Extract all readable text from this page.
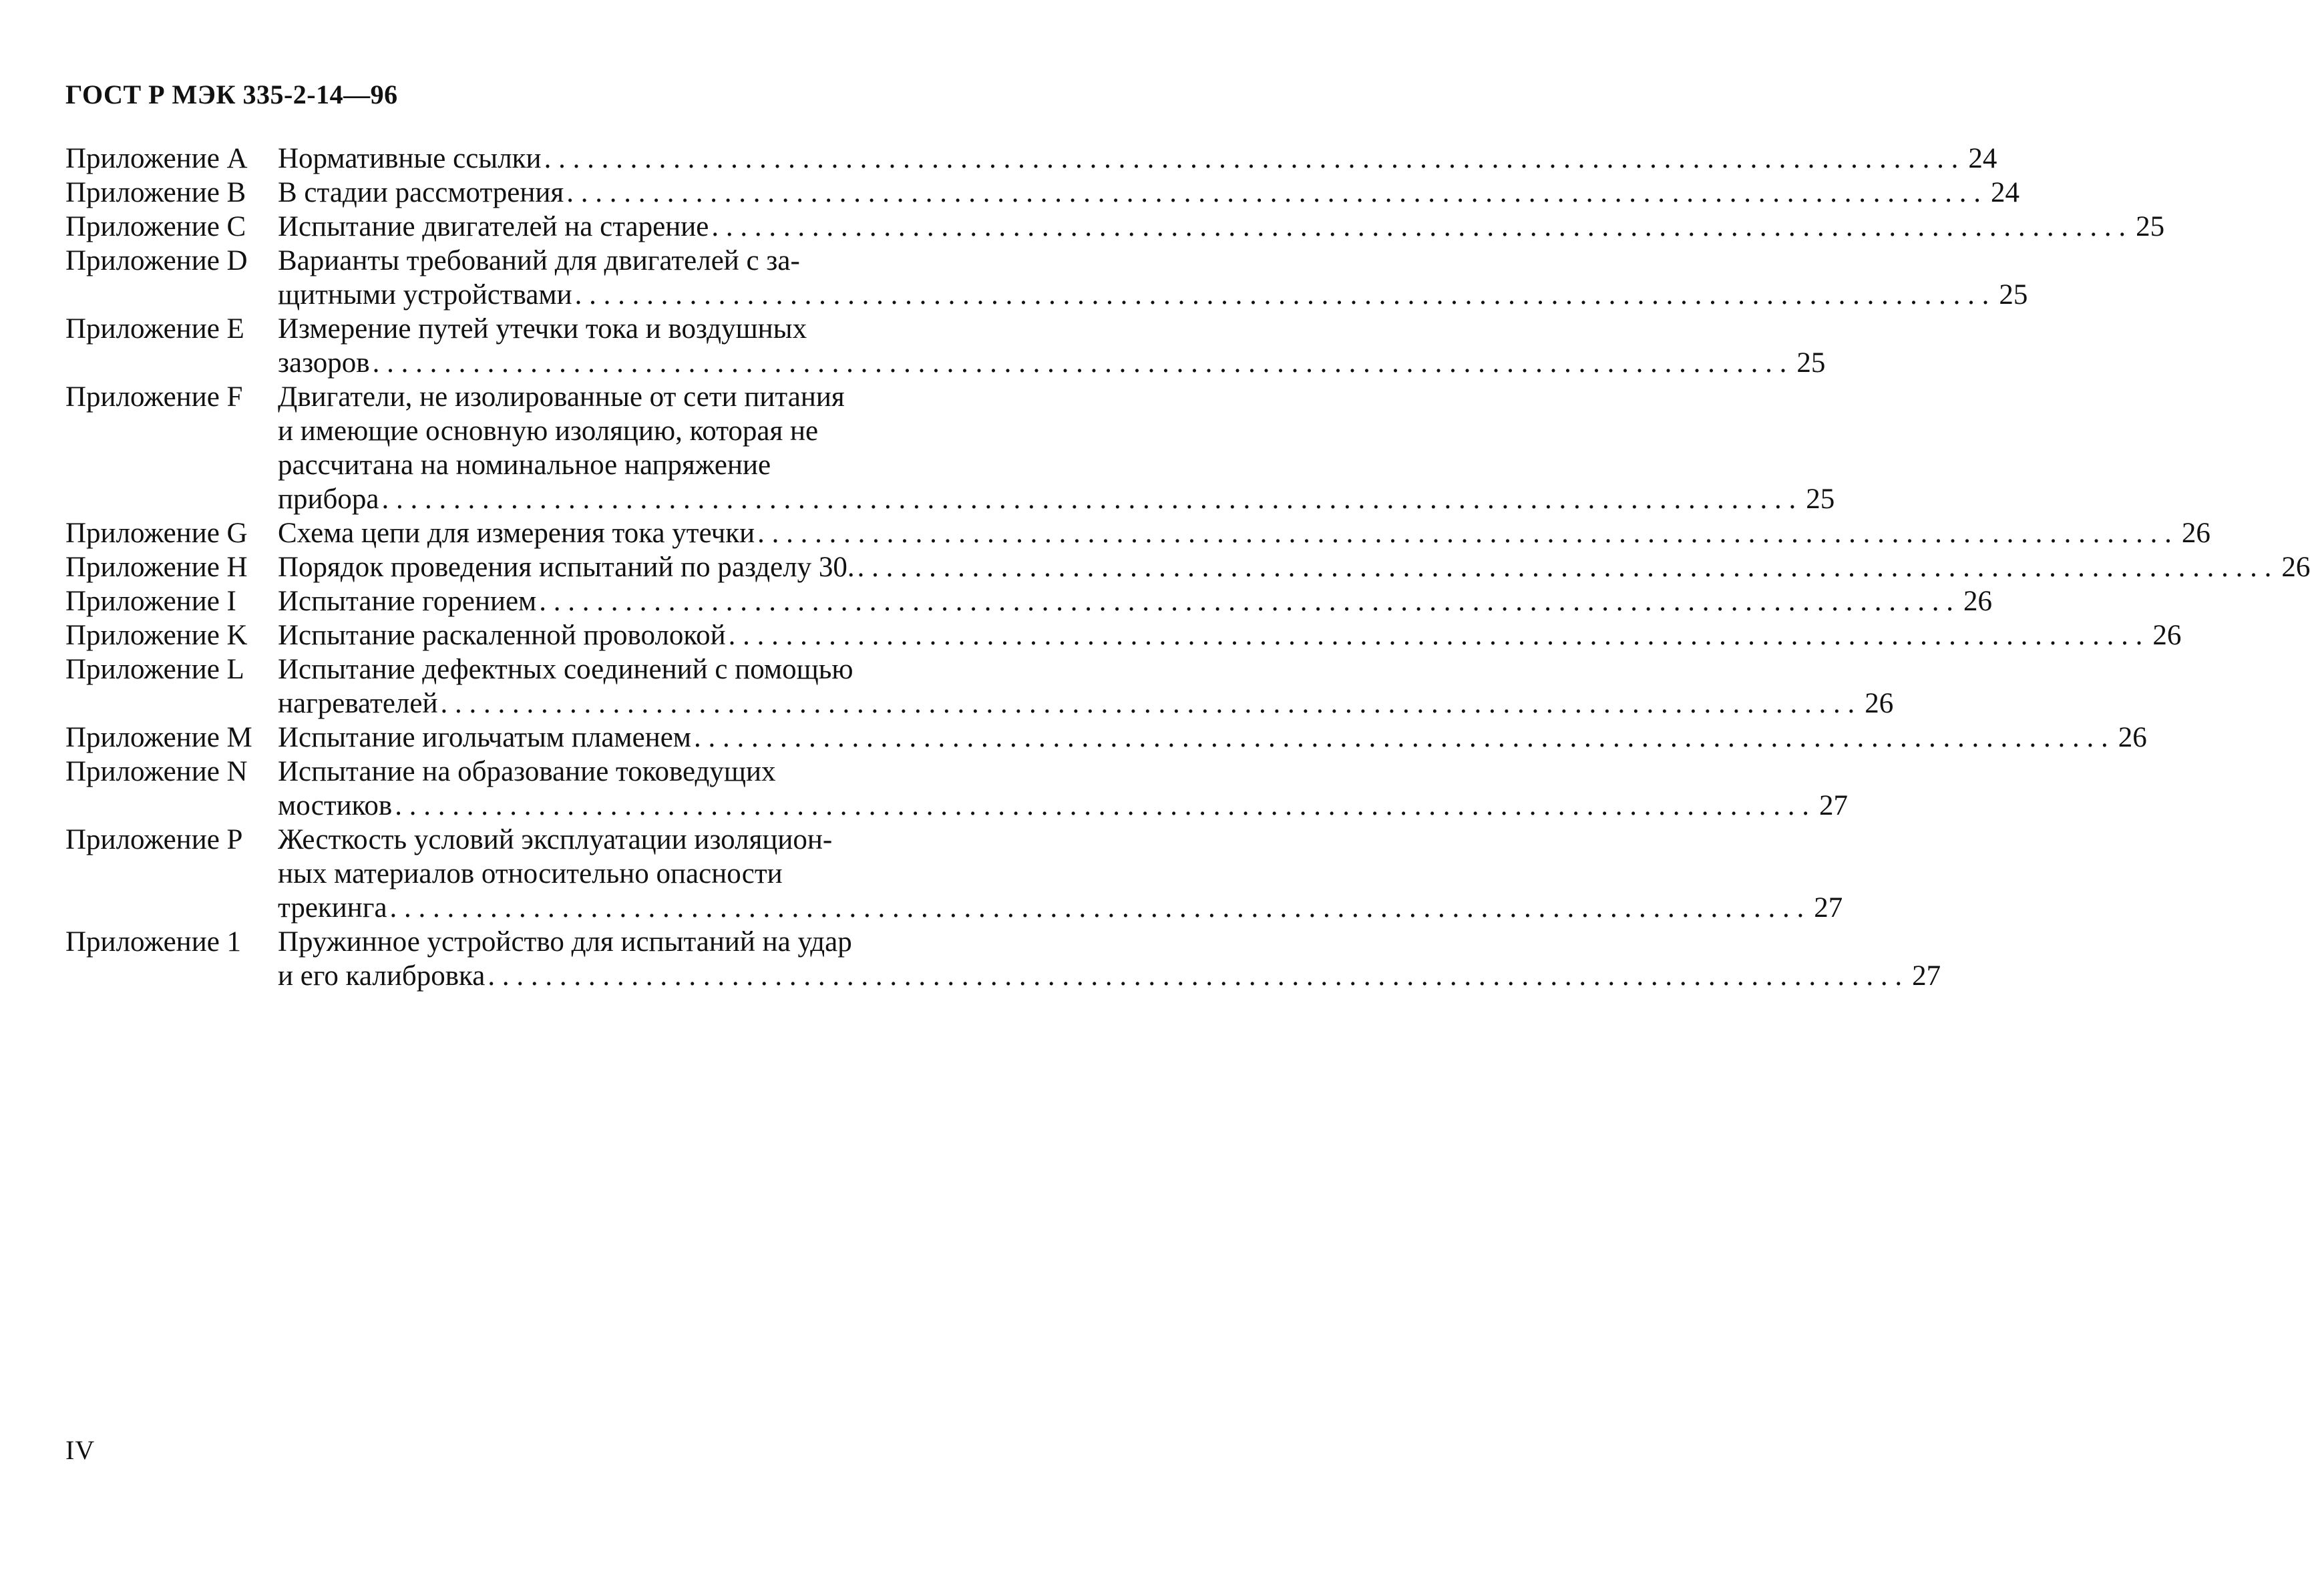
ГОСТ Р МЭК 335-2-14—96
Приложение A	Нормативные ссылки . . .	24
Приложение B	В стадии рассмотрения . . .	24
Приложение C	Испытание двигателей на старение . . .	25
Приложение D	Варианты требований для двигателей с за-
щитными устройствами . . .	25
Приложение E	Измерение путей утечки тока и воздушных
зазоров . . .	25
Приложение F	Двигатели, не изолированные от сети питания
и имеющие основную изоляцию, которая не
рассчитана на номинальное напряжение
прибора . . .	25
Приложение G	Схема цепи для измерения тока утечки . . .	26
Приложение H	Порядок проведения испытаний по разделу 30. . . .	26
Приложение I	Испытание горением . . .	26
Приложение K	Испытание раскаленной проволокой . . .	26
Приложение L	Испытание дефектных соединений с помощью
нагревателей . . .	26
Приложение M Испытание игольчатым пламенем . . .	26
Приложение N	Испытание на образование токоведущих
мостиков . . .	27
Приложение P	Жесткость условий эксплуатации изоляцион-
ных материалов относительно опасности
трекинга . . .	27
Приложение 1	Пружинное устройство для испытаний на удар
и его калибровка . . .	27
IV
